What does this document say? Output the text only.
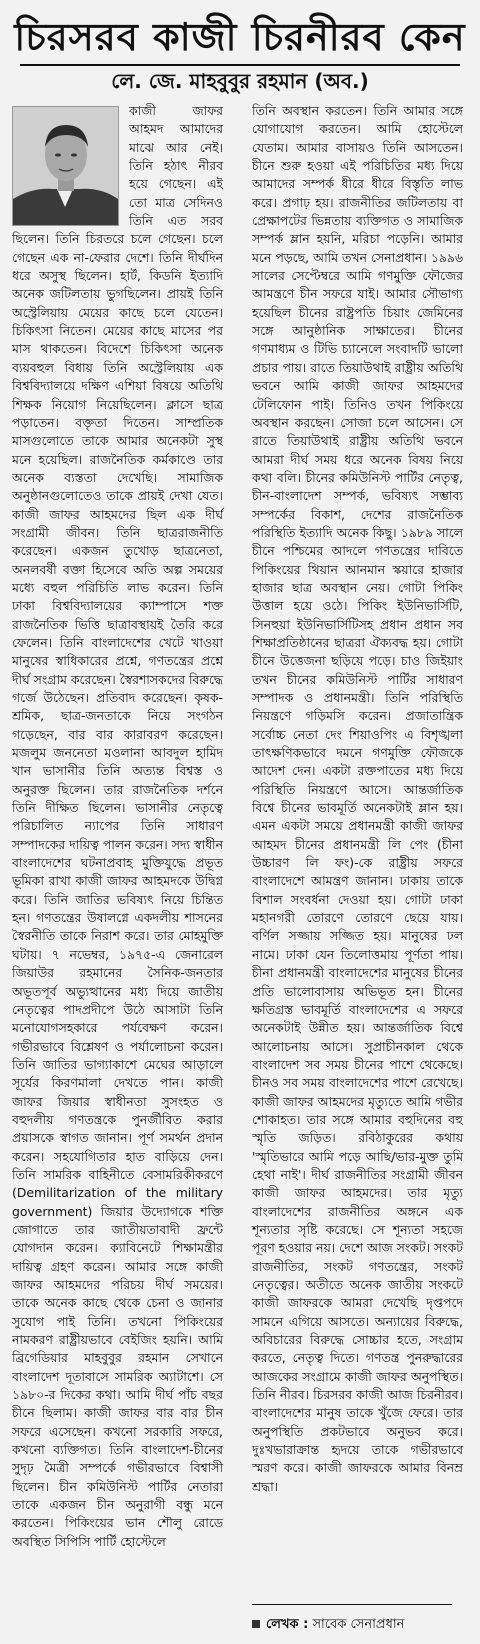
চিরসরব কাজী চিরনীরব কেন
লে. জে. মাহবুবুর রহমান (অব.)

কাজী জাফর আহমদ আমাদের মাঝে আর নেই। তিনি হঠাৎ নীরব হয়ে গেছেন। এই তো মাত্র সেদিনও তিনি এত সরব ছিলেন। তিনি চিরতরে চলে গেছেন। চলে গেছেন এক না-ফেরার দেশে। তিনি দীর্ঘদিন ধরে অসুস্থ ছিলেন। হার্ট, কিডনি ইত্যাদি অনেক জটিলতায় ভুগছিলেন। প্রায়ই তিনি অস্ট্রেলিয়ায় মেয়ের কাছে চলে যেতেন। চিকিৎসা নিতেন। মেয়ের কাছে মাসের পর মাস থাকতেন। বিদেশে চিকিৎসা অনেক ব্যয়বহুল বিধায় তিনি অস্ট্রেলিয়ায় এক বিশ্ববিদ্যালয়ে দক্ষিণ এশিয়া বিষয়ে অতিথি শিক্ষক নিয়োগ নিয়েছিলেন। ক্লাসে ছাত্র পড়াতেন। বক্তৃতা দিতেন। সাম্প্রতিক মাসগুলোতে তাকে আমার অনেকটা সুস্থ মনে হয়েছিল। রাজনৈতিক কর্মকাণ্ডে তার অনেক ব্যস্ততা দেখেছি। সামাজিক অনুষ্ঠানগুলোতেও তাকে প্রায়ই দেখা যেত। কাজী জাফর আহমদের ছিল এক দীর্ঘ সংগ্রামী জীবন। তিনি ছাত্ররাজনীতি করেছেন। একজন তুখোড় ছাত্রনেতা, অনলবর্ষী বক্তা হিসেবে অতি অল্প সময়ের মধ্যে বহুল পরিচিতি লাভ করেন। তিনি ঢাকা বিশ্ববিদ্যালয়ের ক্যাম্পাসে শক্ত রাজনৈতিক ভিত্তি ছাত্রাবস্থায়ই তৈরি করে ফেলেন। তিনি বাংলাদেশের খেটে খাওয়া মানুষের স্বাধিকারের প্রশ্নে, গণতন্ত্রের প্রশ্নে দীর্ঘ সংগ্রাম করেছেন। স্বৈরশাসকদের বিরুদ্ধে গর্জে উঠেছেন। প্রতিবাদ করেছেন। কৃষক-শ্রমিক, ছাত্র-জনতাকে নিয়ে সংগঠন গড়েছেন, বার বার কারাবরণ করেছেন। মজলুম জননেতা মওলানা আবদুল হামিদ খান ভাসানীর তিনি অত্যন্ত বিশ্বস্ত ও অনুরক্ত ছিলেন। তার রাজনৈতিক দর্শনে তিনি দীক্ষিত ছিলেন। ভাসানীর নেতৃত্বে পরিচালিত ন্যাপের তিনি সাধারণ সম্পাদকের দায়িত্ব পালন করেন। সদ্য স্বাধীন বাংলাদেশের ঘটনাপ্রবাহ মুক্তিযুদ্ধে প্রভূত ভূমিকা রাখা কাজী জাফর আহমদকে উদ্বিগ্ন করে। তিনি জাতির ভবিষ্যৎ নিয়ে চিন্তিত হন। গণতন্ত্রের উষালগ্নে একদলীয় শাসনের স্বৈরনীতি তাকে নিরাশ করে। তার মোহমুক্তি ঘটায়। ৭ নভেম্বর, ১৯৭৫-এ জেনারেল জিয়াউর রহমানের সৈনিক-জনতার অভূতপূর্ব অভ্যুত্থানের মধ্য দিয়ে জাতীয় নেতৃত্বের পাদপ্রদীপে উঠে আসাটা তিনি মনোযোগসহকারে পর্যবেক্ষণ করেন। গভীরভাবে বিশ্লেষণ ও পর্যালোচনা করেন। তিনি জাতির ভাগ্যাকাশে মেঘের আড়ালে সূর্যের কিরণমালা দেখতে পান। কাজী জাফর জিয়ার স্বাধীনতা সুসংহত ও বহুদলীয় গণতন্ত্রকে পুনর্জীবিত করার প্রয়াসকে স্বাগত জানান। পূর্ণ সমর্থন প্রদান করেন। সহযোগিতার হাত বাড়িয়ে দেন। তিনি সামরিক বাহিনীতে বেসামরিকীকরণে (Demilitarization of the military government) জিয়ার উদ্যোগকে শক্তি জোগাতে তার জাতীয়তাবাদী ফ্রন্টে যোগদান করেন। ক্যাবিনেটে শিক্ষামন্ত্রীর দায়িত্ব গ্রহণ করেন। আমার সঙ্গে কাজী জাফর আহমদের পরিচয় দীর্ঘ সময়ের। তাকে অনেক কাছে থেকে চেনা ও জানার সুযোগ পাই তিনি। তখনো পিকিংয়ের নামকরণ রাষ্ট্রীয়ভাবে বেইজিং হয়নি। আমি ব্রিগেডিয়ার মাহবুবুর রহমান সেখানে বাংলাদেশ দূতাবাসে সামরিক অ্যাটাশে। সে ১৯৮০-র দিকের কথা। আমি দীর্ঘ পাঁচ বছর চীনে ছিলাম। কাজী জাফর বার বার চীন সফরে এসেছেন। কখনো সরকারি সফরে, কখনো ব্যক্তিগত। তিনি বাংলাদেশ-চীনের সুদৃঢ় মৈত্রী সম্পর্কে গভীরভাবে বিশ্বাসী ছিলেন। চীন কমিউনিস্ট পার্টির নেতারা তাকে একজন চীন অনুরাগী বন্ধু মনে করতেন। পিকিংয়ের ভান শৌলু রোডে অবস্থিত সিপিসি পার্টি হোস্টেলে

তিনি অবস্থান করতেন। তিনি আমার সঙ্গে যোগাযোগ করতেন। আমি হোস্টেলে যেতাম। আমার বাসায়ও তিনি আসতেন। চীনে শুরু হওয়া এই পরিচিতির মধ্য দিয়ে আমাদের সম্পর্ক ধীরে ধীরে বিস্তৃতি লাভ করে। প্রগাঢ় হয়। রাজনীতির জটিলতায় বা প্রেক্ষাপটের ভিন্নতায় ব্যক্তিগত ও সামাজিক সম্পর্ক ম্লান হয়নি, মরিচা পড়েনি। আমার মনে পড়ছে, আমি তখন সেনাপ্রধান। ১৯৯৬ সালের সেপ্টেম্বরে আমি গণমুক্তি ফৌজের আমন্ত্রণে চীন সফরে যাই। আমার সৌভাগ্য হয়েছিল চীনের রাষ্ট্রপতি চিয়াং জেমিনের সঙ্গে আনুষ্ঠানিক সাক্ষাতের। চীনের গণমাধ্যম ও টিভি চ্যানেলে সংবাদটি ভালো প্রচার পায়। রাতে তিয়াউথাই রাষ্ট্রীয় অতিথি ভবনে আমি কাজী জাফর আহমদের টেলিফোন পাই। তিনিও তখন পিকিংয়ে অবস্থান করছেন। সোজা চলে আসেন। সে রাতে তিয়াউথাই রাষ্ট্রীয় অতিথি ভবনে আমরা দীর্ঘ সময় ধরে অনেক বিষয় নিয়ে কথা বলি। চীনের কমিউনিস্ট পার্টির নেতৃত্ব, চীন-বাংলাদেশ সম্পর্ক, ভবিষ্যৎ সম্ভাব্য সম্পর্কের বিকাশ, দেশের রাজনৈতিক পরিস্থিতি ইত্যাদি অনেক কিছু। ১৯৮৯ সালে চীনে পশ্চিমের আদলে গণতন্ত্রের দাবিতে পিকিংয়ের থিয়ান আনমান স্কয়ারে হাজার হাজার ছাত্র অবস্থান নেয়। গোটা পিকিং উত্তাল হয়ে ওঠে। পিকিং ইউনিভার্সিটি, সিনহুয়া ইউনিভার্সিটিসহ প্রধান প্রধান সব শিক্ষাপ্রতিষ্ঠানের ছাত্ররা ঐক্যবদ্ধ হয়। গোটা চীনে উত্তেজনা ছড়িয়ে পড়ে। চাও জিইয়াং তখন চীনের কমিউনিস্ট পার্টির সাধারণ সম্পাদক ও প্রধানমন্ত্রী। তিনি পরিস্থিতি নিয়ন্ত্রণে গড়িমসি করেন। প্রজাতান্ত্রিক সর্বোচ্চ নেতা দেং শিয়াওপিং এ বিশৃঙ্খলা তাৎক্ষণিকভাবে দমনে গণমুক্তি ফৌজকে আদেশ দেন। একটা রক্তপাতের মধ্য দিয়ে পরিস্থিতি নিয়ন্ত্রণে আসে। আন্তর্জাতিক বিশ্বে চীনের ভাবমূর্তি অনেকটাই ম্লান হয়। এমন একটা সময়ে প্রধানমন্ত্রী কাজী জাফর আহমদ চীনের প্রধানমন্ত্রী লি পেং (চীনা উচ্চারণ লি ফং)-কে রাষ্ট্রীয় সফরে বাংলাদেশে আমন্ত্রণ জানান। ঢাকায় তাকে বিশাল সংবর্ধনা দেওয়া হয়। গোটা ঢাকা মহানগরী তোরণে তোরণে ছেয়ে যায়। বর্ণিল সজ্জায় সজ্জিত হয়। মানুষের ঢল নামে। ঢাকা যেন তিলোত্তমায় পূর্ণতা পায়। চীনা প্রধানমন্ত্রী বাংলাদেশের মানুষের চীনের প্রতি ভালোবাসায় অভিভূত হন। চীনের ক্ষতিগ্রস্ত ভাবমূর্তি বাংলাদেশের এ সফরে অনেকটাই উন্নীত হয়। আন্তর্জাতিক বিশ্বে আলোচনায় আসে। সুপ্রাচীনকাল থেকে বাংলাদেশ সব সময় চীনের পাশে থেকেছে। চীনও সব সময় বাংলাদেশের পাশে রেখেছে। কাজী জাফর আহমদের মৃত্যুতে আমি গভীর শোকাহত। তার সঙ্গে আমার বহুদিনের বহু স্মৃতি জড়িত। রবিঠাকুরের কথায় 'স্মৃতিভারে আমি পড়ে আছি/ভার-মুক্ত তুমি হেথা নাই'। দীর্ঘ রাজনীতির সংগ্রামী জীবন কাজী জাফর আহমদের। তার মৃত্যু বাংলাদেশের রাজনীতির অঙ্গনে এক শূন্যতার সৃষ্টি করেছে। সে শূন্যতা সহজে পূরণ হওয়ার নয়। দেশে আজ সংকট। সংকট রাজনীতির, সংকট গণতন্ত্রের, সংকট নেতৃত্বের। অতীতে অনেক জাতীয় সংকটে কাজী জাফরকে আমরা দেখেছি দৃপ্তপদে সামনে এগিয়ে আসতে। অন্যায়ের বিরুদ্ধে, অবিচারের বিরুদ্ধে সোচ্চার হতে, সংগ্রাম করতে, নেতৃত্ব দিতে। গণতন্ত্র পুনরুদ্ধারের আজকের সংগ্রামে কাজী জাফর অনুপস্থিত। তিনি নীরব। চিরসরব কাজী আজ চিরনীরব। বাংলাদেশের মানুষ তাকে খুঁজে ফেরে। তার অনুপস্থিতি প্রকটভাবে অনুভব করে। দুঃখভারাক্রান্ত হৃদয়ে তাকে গভীরভাবে স্মরণ করে। কাজী জাফরকে আমার বিনম্র শ্রদ্ধা।

লেখক : সাবেক সেনাপ্রধান
